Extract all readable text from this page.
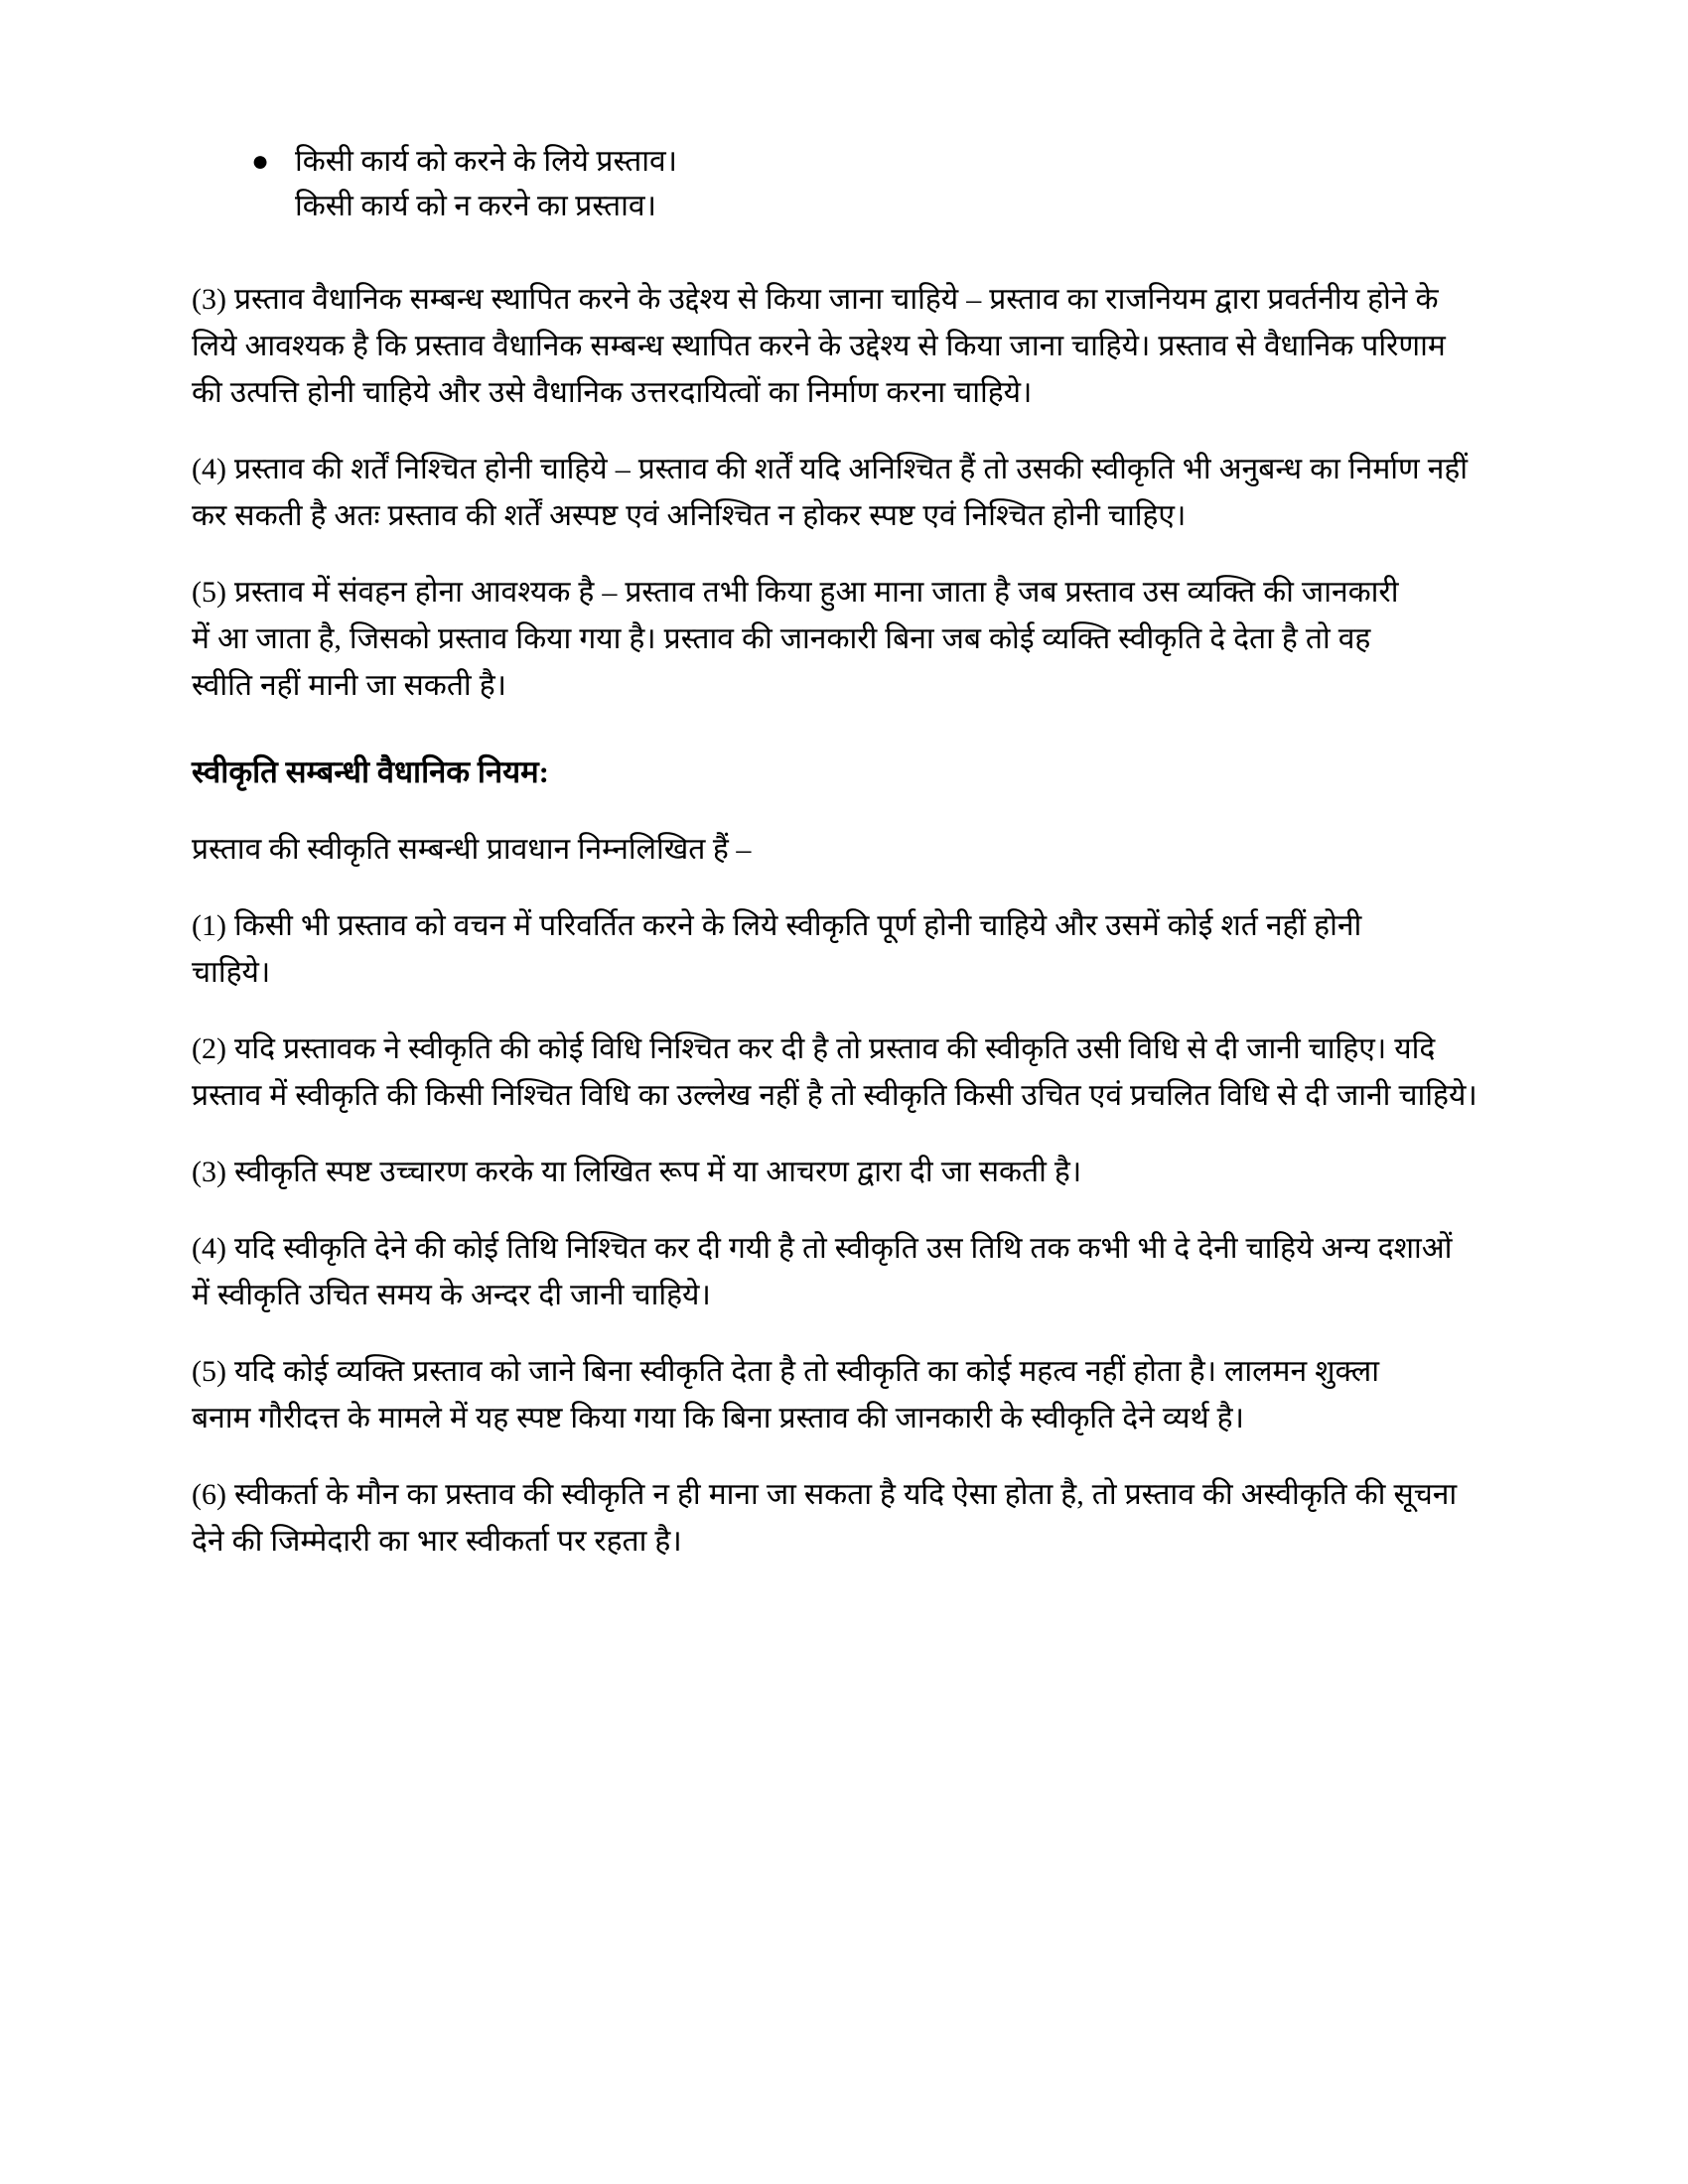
● किसी कार्य को करने के लिये प्रस्ताव।
किसी कार्य को न करने का प्रस्ताव।

(3) प्रस्ताव वैधानिक सम्बन्ध स्थापित करने के उद्देश्य से किया जाना चाहिये – प्रस्ताव का राजनियम द्वारा प्रवर्तनीय होने के लिये आवश्यक है कि प्रस्ताव वैधानिक सम्बन्ध स्थापित करने के उद्देश्य से किया जाना चाहिये। प्रस्ताव से वैधानिक परिणाम की उत्पत्ति होनी चाहिये और उसे वैधानिक उत्तरदायित्वों का निर्माण करना चाहिये।

(4) प्रस्ताव की शर्तें निश्चित होनी चाहिये – प्रस्ताव की शर्तें यदि अनिश्चित हैं तो उसकी स्वीकृति भी अनुबन्ध का निर्माण नहीं कर सकती है अतः प्रस्ताव की शर्तें अस्पष्ट एवं अनिश्चित न होकर स्पष्ट एवं निश्चित होनी चाहिए।

(5) प्रस्ताव में संवहन होना आवश्यक है – प्रस्ताव तभी किया हुआ माना जाता है जब प्रस्ताव उस व्यक्ति की जानकारी में आ जाता है, जिसको प्रस्ताव किया गया है। प्रस्ताव की जानकारी बिना जब कोई व्यक्ति स्वीकृति दे देता है तो वह स्वीति नहीं मानी जा सकती है।

स्वीकृति सम्बन्धी वैधानिक नियम:

प्रस्ताव की स्वीकृति सम्बन्धी प्रावधान निम्नलिखित हैं –

(1) किसी भी प्रस्ताव को वचन में परिवर्तित करने के लिये स्वीकृति पूर्ण होनी चाहिये और उसमें कोई शर्त नहीं होनी चाहिये।

(2) यदि प्रस्तावक ने स्वीकृति की कोई विधि निश्चित कर दी है तो प्रस्ताव की स्वीकृति उसी विधि से दी जानी चाहिए। यदि प्रस्ताव में स्वीकृति की किसी निश्चित विधि का उल्लेख नहीं है तो स्वीकृति किसी उचित एवं प्रचलित विधि से दी जानी चाहिये।

(3) स्वीकृति स्पष्ट उच्चारण करके या लिखित रूप में या आचरण द्वारा दी जा सकती है।

(4) यदि स्वीकृति देने की कोई तिथि निश्चित कर दी गयी है तो स्वीकृति उस तिथि तक कभी भी दे देनी चाहिये अन्य दशाओं में स्वीकृति उचित समय के अन्दर दी जानी चाहिये।

(5) यदि कोई व्यक्ति प्रस्ताव को जाने बिना स्वीकृति देता है तो स्वीकृति का कोई महत्व नहीं होता है। लालमन शुक्ला बनाम गौरीदत्त के मामले में यह स्पष्ट किया गया कि बिना प्रस्ताव की जानकारी के स्वीकृति देने व्यर्थ है।

(6) स्वीकर्ता के मौन का प्रस्ताव की स्वीकृति न ही माना जा सकता है यदि ऐसा होता है, तो प्रस्ताव की अस्वीकृति की सूचना देने की जिम्मेदारी का भार स्वीकर्ता पर रहता है।
